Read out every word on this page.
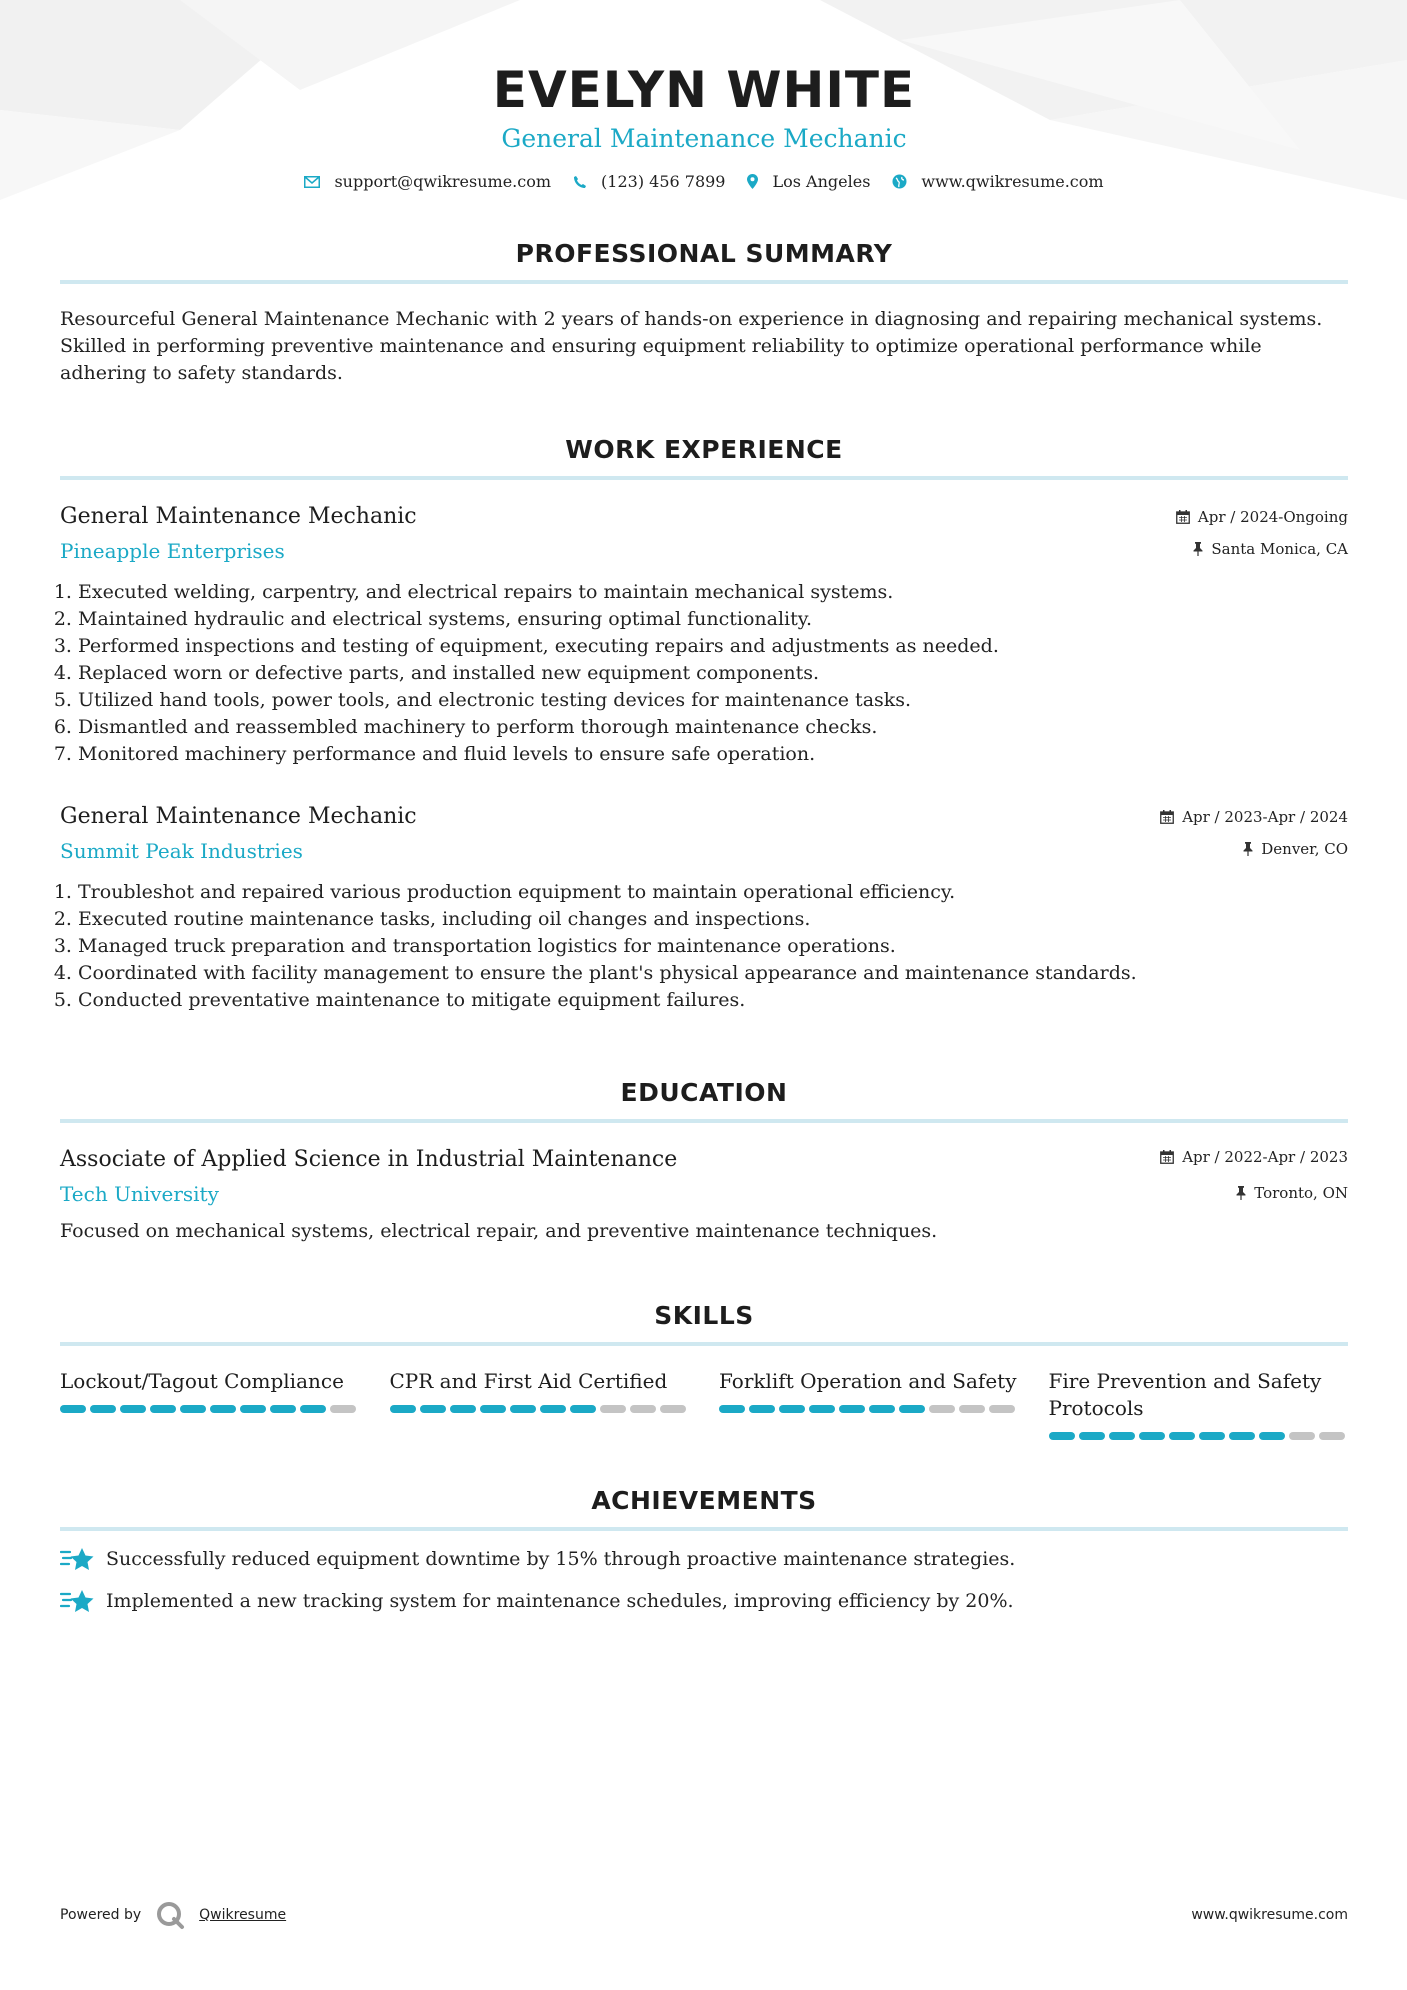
EVELYN WHITE
General Maintenance Mechanic
support@qwikresume.com	(123) 456 7899	Los Angeles	www.qwikresume.com
PROFESSIONAL SUMMARY

Resourceful General Maintenance Mechanic with 2 years of hands-on experience in diagnosing and repairing mechanical systems. Skilled in performing preventive maintenance and ensuring equipment reliability to optimize operational performance while adhering to safety standards.

WORK EXPERIENCE
General Maintenance Mechanic
Pineapple Enterprises
Apr / 2024-Ongoing
Santa Monica, CA
1. Executed welding, carpentry, and electrical repairs to maintain mechanical systems.
2. Maintained hydraulic and electrical systems, ensuring optimal functionality.
3. Performed inspections and testing of equipment, executing repairs and adjustments as needed.
4. Replaced worn or defective parts, and installed new equipment components.
5. Utilized hand tools, power tools, and electronic testing devices for maintenance tasks.
6. Dismantled and reassembled machinery to perform thorough maintenance checks.
7. Monitored machinery performance and fluid levels to ensure safe operation.
General Maintenance Mechanic
Summit Peak Industries
Apr / 2023-Apr / 2024
Denver, CO
1. Troubleshot and repaired various production equipment to maintain operational efficiency.
2. Executed routine maintenance tasks, including oil changes and inspections.
3. Managed truck preparation and transportation logistics for maintenance operations.
4. Coordinated with facility management to ensure the plant's physical appearance and maintenance standards.
5. Conducted preventative maintenance to mitigate equipment failures.
EDUCATION
Associate of Applied Science in Industrial Maintenance
Tech University
Apr / 2022-Apr / 2023
Toronto, ON
Focused on mechanical systems, electrical repair, and preventive maintenance techniques.
SKILLS
Lockout/Tagout Compliance	CPR and First Aid Certified	Forklift Operation and Safety Fire Prevention and Safety Protocols
ACHIEVEMENTS
Successfully reduced equipment downtime by 15% through proactive maintenance strategies.
Implemented a new tracking system for maintenance schedules, improving efficiency by 20%.
Powered by	Qwikresume	www.qwikresume.com
